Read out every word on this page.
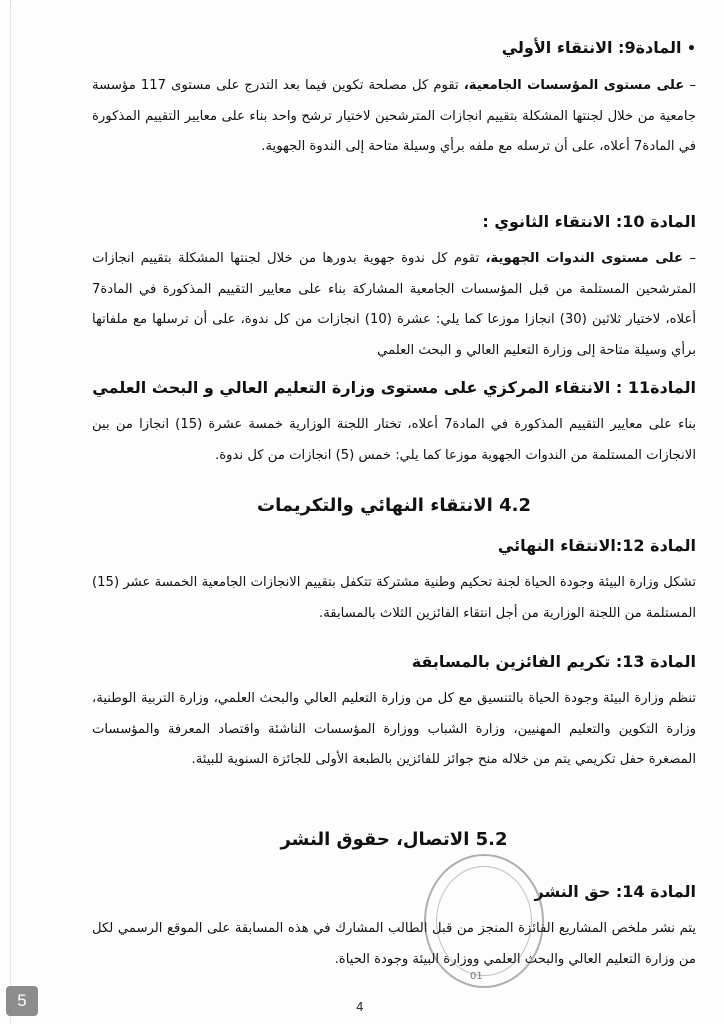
• المادة9: الانتقاء الأولي

– على مستوى المؤسسات الجامعية، تقوم كل مصلحة تكوين فيما بعد التدرج على مستوى 117 مؤسسة جامعية من خلال لجنتها المشكلة بتقييم انجازات المترشحين لاختيار ترشح واحد بناء على معايير التقييم المذكورة في المادة7 أعلاه، على أن ترسله مع ملفه برأي وسيلة متاحة إلى الندوة الجهوية.

المادة 10: الانتقاء الثانوي :

– على مستوى الندوات الجهوية، تقوم كل ندوة جهوية بدورها من خلال لجنتها المشكلة بتقييم انجازات المترشحين المستلمة من قبل المؤسسات الجامعية المشاركة بناء على معايير التقييم المذكورة في المادة7 أعلاه، لاختيار ثلاثين (30) انجازا موزعا كما يلي: عشرة (10) انجازات من كل ندوة، على أن ترسلها مع ملفاتها برأي وسيلة متاحة إلى وزارة التعليم العالي و البحث العلمي

المادة11 : الانتقاء المركزي على مستوى وزارة التعليم العالي و البحث العلمي

بناء على معايير التقييم المذكورة في المادة7 أعلاه، تختار اللجنة الوزارية خمسة عشرة (15) انجازا من بين الانجازات المستلمة من الندوات الجهوية موزعا كما يلي: خمس (5) انجازات من كل ندوة.

4.2 الانتقاء النهائي والتكريمات
المادة 12:الانتقاء النهائي

تشكل وزارة البيئة وجودة الحياة لجنة تحكيم وطنية مشتركة تتكفل بتقييم الانجازات الجامعية الخمسة عشر (15) المستلمة من اللجنة الوزارية من أجل انتقاء الفائزين الثلاث بالمسابقة.

المادة 13: تكريم الفائزين بالمسابقة

تنظم وزارة البيئة وجودة الحياة بالتنسيق مع كل من وزارة التعليم العالي والبحث العلمي، وزارة التربية الوطنية، وزارة التكوين والتعليم المهنيين، وزارة الشباب ووزارة المؤسسات الناشئة واقتصاد المعرفة والمؤسسات المصغرة حفل تكريمي يتم من خلاله منح جوائز للفائزين بالطبعة الأولى للجائزة السنوية للبيئة.

5.2 الاتصال، حقوق النشر
المادة 14: حق النشر

يتم نشر ملخص المشاريع الفائزة المنجز من قبل الطالب المشارك في هذه المسابقة على الموقع الرسمي لكل من وزارة التعليم العالي والبحث العلمي ووزارة البيئة وجودة الحياة.

01
4
5
